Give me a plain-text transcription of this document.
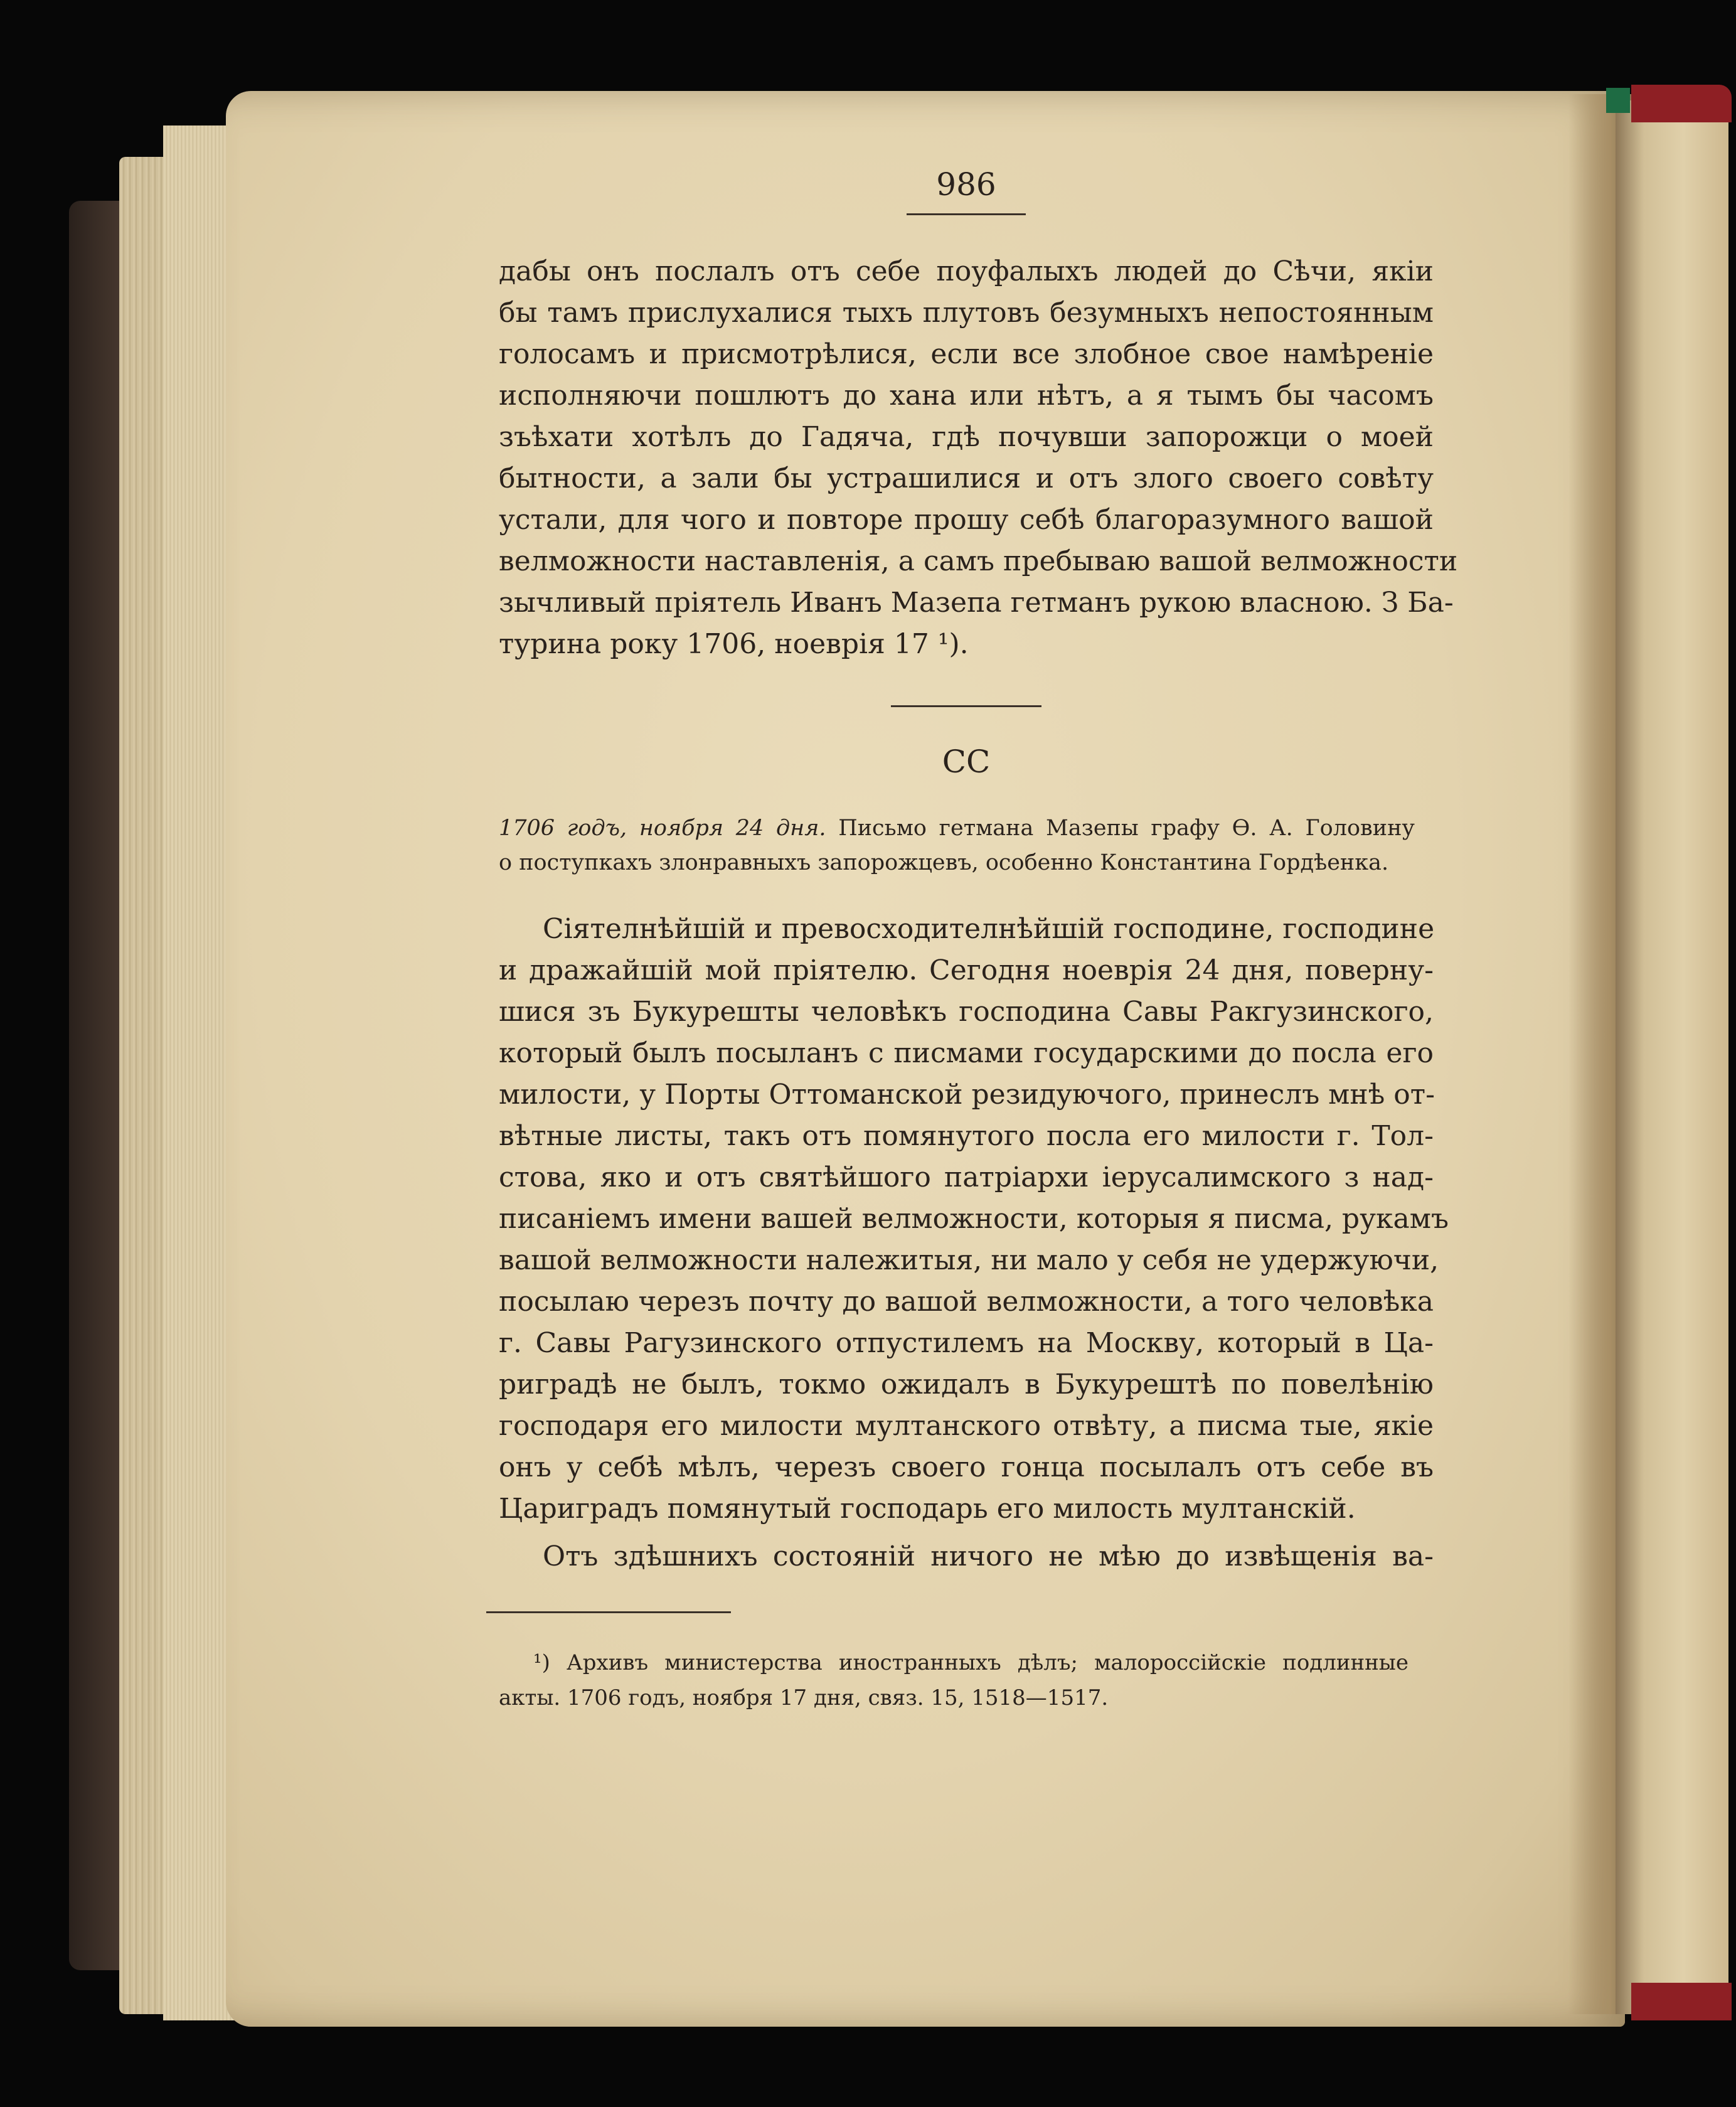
986
дабы онъ послалъ отъ себе поуфалыхъ людей до Сѣчи, якіи
бы тамъ прислухалися тыхъ плутовъ безумныхъ непостоянным
голосамъ и присмотрѣлися, если все злобное свое намѣреніе
исполняючи пошлютъ до хана или нѣтъ, а я тымъ бы часомъ
зъѣхати хотѣлъ до Гадяча, гдѣ почувши запорожци о моей
бытности, а зали бы устрашилися и отъ злого своего совѣту
устали, для чого и повторе прошу себѣ благоразумного вашой
велможности наставленія, а самъ пребываю вашой велможности
зычливый пріятель Иванъ Мазепа гетманъ рукою власною. З Ба-
турина року 1706, ноеврія 17 ¹).
CC
1706 годъ, ноября 24 дня. Письмо гетмана Мазепы графу Ѳ. А. Головину
о поступкахъ злонравныхъ запорожцевъ, особенно Константина Гордѣенка.
Сіятелнѣйшій и превосходителнѣйшій господине, господине
и дражайшій мой пріятелю. Сегодня ноеврія 24 дня, поверну-
шися зъ Букурешты человѣкъ господина Савы Ракгузинского,
который былъ посыланъ с писмами государскими до посла его
милости, у Порты Оттоманской резидуючого, принеслъ мнѣ от-
вѣтные листы, такъ отъ помянутого посла его милости г. Тол-
стова, яко и отъ святѣйшого патріархи іерусалимского з над-
писаніемъ имени вашей велможности, которыя я писма, рукамъ
вашой велможности належитыя, ни мало у себя не удержуючи,
посылаю черезъ почту до вашой велможности, а того человѣка
г. Савы Рагузинского отпустилемъ на Москву, который в Ца-
риградѣ не былъ, токмо ожидалъ в Букурештѣ по повелѣнію
господаря его милости мултанского отвѣту, а писма тые, якіе
онъ у себѣ мѣлъ, черезъ своего гонца посылалъ отъ себе въ
Цариградъ помянутый господарь его милость мултанскій.
Отъ здѣшнихъ состояній ничого не мѣю до извѣщенія ва-
¹) Архивъ министерства иностранныхъ дѣлъ; малороссійскіе подлинные
акты. 1706 годъ, ноября 17 дня, связ. 15, 1518—1517.
